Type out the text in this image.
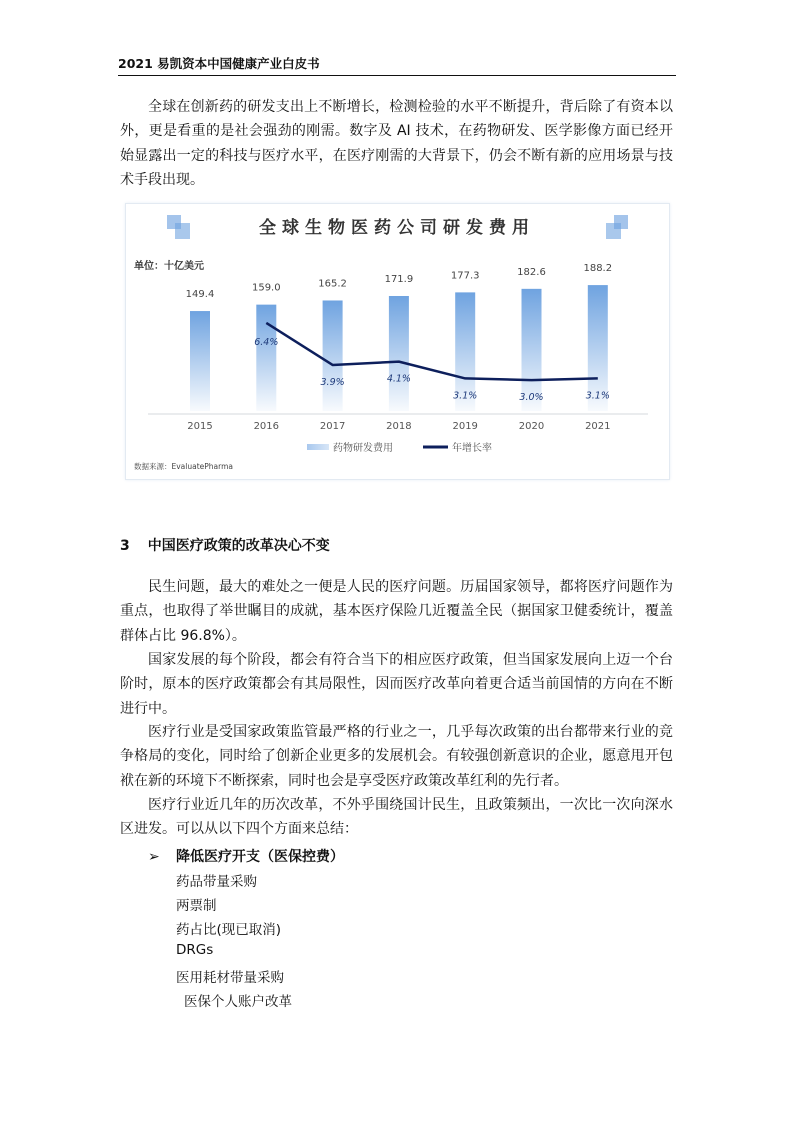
2021 易凯资本中国健康产业白皮书

全球在创新药的研发支出上不断增长，检测检验的水平不断提升，背后除了有资本以外，更是看重的是社会强劲的刚需。数字及 AI 技术，在药物研发、医学影像方面已经开始显露出一定的科技与医疗水平，在医疗刚需的大背景下，仍会不断有新的应用场景与技术手段出现。

全球生物医药公司研发费用
单位：十亿美元
149.4
2015
159.0
2016
165.2
2017
171.9
2018
177.3
2019
182.6
2020
188.2
2021
6.4%
3.9%	4.1%
3.1%	3.0%	3.1%
药物研发费用	年增长率
数据来源：EvaluatePharma
3 中国医疗政策的改革决心不变

民生问题，最大的难处之一便是人民的医疗问题。历届国家领导，都将医疗问题作为重点，也取得了举世瞩目的成就，基本医疗保险几近覆盖全民（据国家卫健委统计，覆盖群体占比 96.8%）。

国家发展的每个阶段，都会有符合当下的相应医疗政策，但当国家发展向上迈一个台阶时，原本的医疗政策都会有其局限性，因而医疗改革向着更合适当前国情的方向在不断进行中。

医疗行业是受国家政策监管最严格的行业之一，几乎每次政策的出台都带来行业的竞争格局的变化，同时给了创新企业更多的发展机会。有较强创新意识的企业，愿意甩开包袱在新的环境下不断探索，同时也会是享受医疗政策改革红利的先行者。

医疗行业近几年的历次改革，不外乎围绕国计民生，且政策频出，一次比一次向深水区进发。可以从以下四个方面来总结：

➢ 降低医疗开支（医保控费）
药品带量采购
两票制
药占比(现已取消)
DRGs
医用耗材带量采购
医保个人账户改革
